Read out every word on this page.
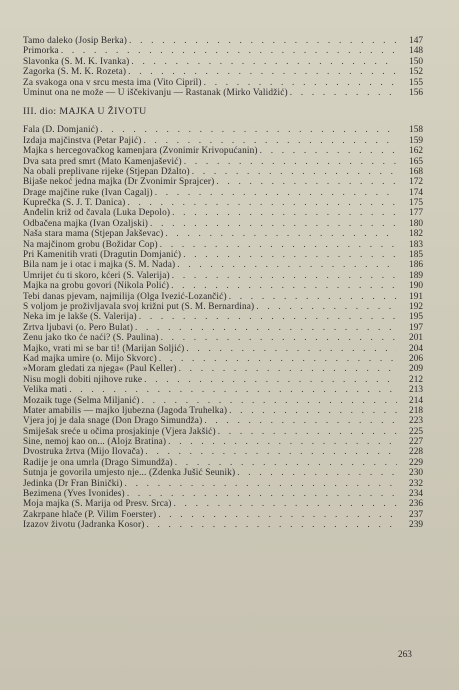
Tamo daleko (Josip Berka) . . .	147
Primorka . . .	148
Slavonka (S. M. K. Ivanka) . . .	150
Zagorka (S. M. K. Rozeta) . . .	152
Za svakoga ona v srcu mesta ima (Vito Cipril) . . .	155
Uminut ona ne može — U iščekivanju — Rastanak (Mirko Validžić) . . .	156
III. dio: MAJKA U ŽIVOTU
Fala (D. Domjanić) . . .	158
Izdaja majčinstva (Petar Pajić) . . .	159
Majka s hercegovačkog kamenjara (Zvonimir Krivopućanin) . . .	162
Dva sata pred smrt (Mato Kamenjašević) . . .	165
Na obali preplivane rijeke (Stjepan Džalto) . . .	168
Bijaše nekoć jedna majka (Dr Zvonimir Šprajcer) . . .	172
Drage majčine ruke (Ivan Cagalj) . . .	174
Kuprečka (S. J. T. Danica) . . .	175
Anđelin križ od čavala (Luka Depolo) . . .	177
Odbačena majka (Ivan Ozaljski) . . .	180
Naša stara mama (Stjepan Jakševac) . . .	182
Na majčinom grobu (Božidar Čop) . . .	183
Pri Kamenitih vrati (Dragutin Domjanić) . . .	185
Bila nam je i otac i majka (S. M. Nada) . . .	186
Umrijet ću ti skoro, kćeri (S. Valerija) . . .	189
Majka na grobu govori (Nikola Polić) . . .	190
Tebi danas pjevam, najmilija (Olga Ivezić-Lozančić) . . .	191
S voljom je proživljavala svoj križni put (S. M. Bernardina) . . .	192
Neka im je lakše (S. Valerija) . . .	195
Žrtva ljubavi (o. Pero Bulat) . . .	197
Ženu jako tko će naći? (S. Paulina) . . .	201
Majko, vrati mi se bar ti! (Marijan Soljić) . . .	204
Kad majka umire (o. Mijo Škvorc) . . .	206
»Moram gledati za njega« (Paul Keller) . . .	209
Nisu mogli dobiti njihove ruke . . .	212
Velika mati . . .	213
Mozaik tuge (Selma Miljanić) . . .	214
Mater amabilis — majko ljubezna (Jagoda Truhelka) . . .	218
Vjera joj je dala snage (Don Drago Šimundža) . . .	223
Smiješak sreće u očima prosjakinje (Vjera Jakšić) . . .	225
Sine, nemoj kao on... (Alojz Bratina) . . .	227
Dvostruka žrtva (Mijo Ilovača) . . .	228
Radije je ona umrla (Drago Šimundža) . . .	229
Šutnja je govorila umjesto nje... (Zdenka Jušić Seunik) . . .	230
Jedinka (Dr Fran Binički) . . .	232
Bezimena (Yves Ivonides) . . .	234
Moja majka (S. Marija od Presv. Srca) . . .	236
Zakrpane hlače (P. Vilim Foerster) . . .	237
Izazov životu (Jadranka Kosor) . . .	239
263
